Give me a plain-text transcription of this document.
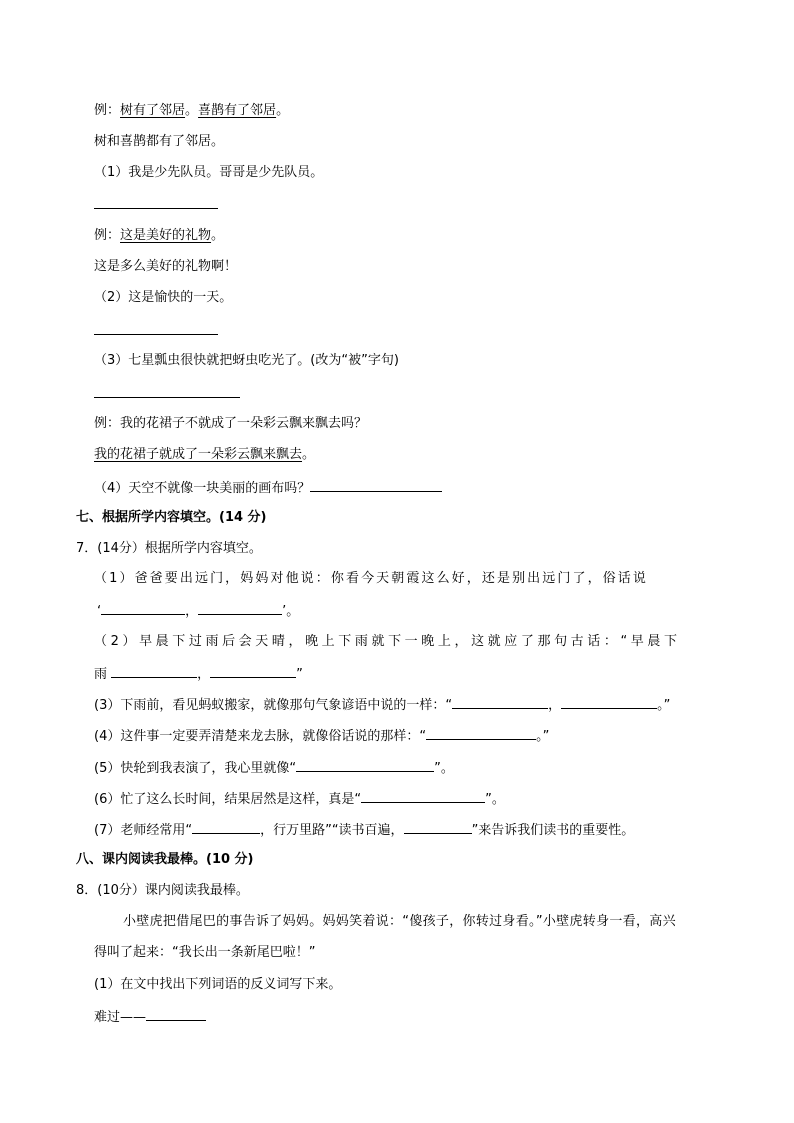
例：树有了邻居。喜鹊有了邻居。
树和喜鹊都有了邻居。
（1）我是少先队员。哥哥是少先队员。
例：这是美好的礼物。
这是多么美好的礼物啊！
（2）这是愉快的一天。
（3）七星瓢虫很快就把蚜虫吃光了。(改为“被”字句)
例：我的花裙子不就成了一朵彩云飘来飘去吗？
我的花裙子就成了一朵彩云飘来飘去。
（4）天空不就像一块美丽的画布吗？
七、根据所学内容填空。(14 分)
7．(14分）根据所学内容填空。
（1）爸爸要出远门，妈妈对他说：你看今天朝霞这么好，还是别出远门了，俗话说
‘	，	’。
（2）早晨下过雨后会天晴，晚上下雨就下一晚上，这就应了那句古话：“早晨下
雨	，	”
(3）下雨前，看见蚂蚁搬家，就像那句气象谚语中说的一样：“	，	。”
(4）这件事一定要弄清楚来龙去脉，就像俗话说的那样：“	。”
(5）快轮到我表演了，我心里就像“	”。
(6）忙了这么长时间，结果居然是这样，真是“	”。
(7）老师经常用“	，行万里路”“读书百遍，	”来告诉我们读书的重要性。
八、课内阅读我最棒。(10 分)
8．(10分）课内阅读我最棒。
小壁虎把借尾巴的事告诉了妈妈。妈妈笑着说：“傻孩子，你转过身看。”小壁虎转身一看，高兴
得叫了起来：“我长出一条新尾巴啦！”
(1）在文中找出下列词语的反义词写下来。
难过——
